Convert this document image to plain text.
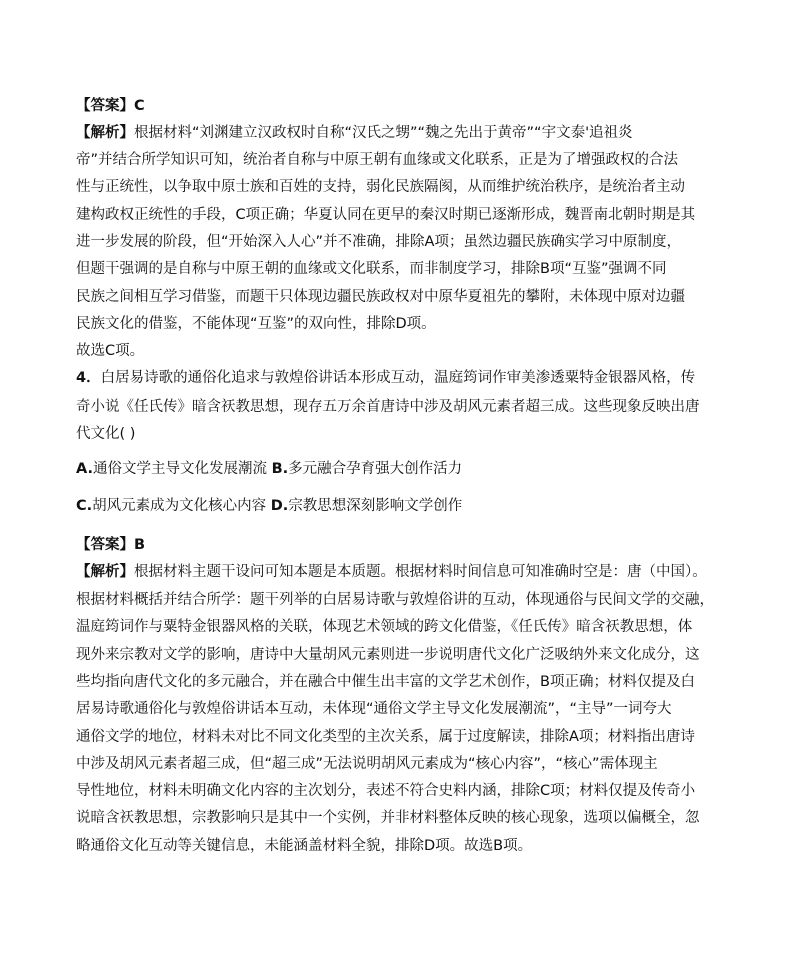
【答案】C
【解析】根据材料“刘渊建立汉政权时自称“汉氏之甥”“魏之先出于黄帝”“宇文泰'追祖炎
帝”并结合所学知识可知，统治者自称与中原王朝有血缘或文化联系，正是为了增强政权的合法
性与正统性，以争取中原士族和百姓的支持，弱化民族隔阂，从而维护统治秩序，是统治者主动
建构政权正统性的手段，C项正确；华夏认同在更早的秦汉时期已逐渐形成，魏晋南北朝时期是其
进一步发展的阶段，但“开始深入人心”并不准确，排除A项；虽然边疆民族确实学习中原制度，
但题干强调的是自称与中原王朝的血缘或文化联系，而非制度学习，排除B项“互鉴”强调不同
民族之间相互学习借鉴，而题干只体现边疆民族政权对中原华夏祖先的攀附，未体现中原对边疆
民族文化的借鉴，不能体现“互鉴”的双向性，排除D项。
故选C项。
4．白居易诗歌的通俗化追求与敦煌俗讲话本形成互动，温庭筠词作审美渗透粟特金银器风格，传
奇小说《任氏传》暗含祆教思想，现存五万余首唐诗中涉及胡风元素者超三成。这些现象反映出唐
代文化( )
A.通俗文学主导文化发展潮流 B.多元融合孕育强大创作活力
C.胡风元素成为文化核心内容 D.宗教思想深刻影响文学创作
【答案】B
【解析】根据材料主题干设问可知本题是本质题。根据材料时间信息可知准确时空是：唐（中国）。
根据材料概括并结合所学：题干列举的白居易诗歌与敦煌俗讲的互动，体现通俗与民间文学的交融，
温庭筠词作与粟特金银器风格的关联，体现艺术领域的跨文化借鉴，《任氏传》暗含祆教思想，体
现外来宗教对文学的影响，唐诗中大量胡风元素则进一步说明唐代文化广泛吸纳外来文化成分，这
些均指向唐代文化的多元融合，并在融合中催生出丰富的文学艺术创作，B项正确；材料仅提及白
居易诗歌通俗化与敦煌俗讲话本互动，未体现“通俗文学主导文化发展潮流”，“主导”一词夸大
通俗文学的地位，材料未对比不同文化类型的主次关系，属于过度解读，排除A项；材料指出唐诗
中涉及胡风元素者超三成，但“超三成”无法说明胡风元素成为“核心内容”，“核心”需体现主
导性地位，材料未明确文化内容的主次划分，表述不符合史料内涵，排除C项；材料仅提及传奇小
说暗含祆教思想，宗教影响只是其中一个实例，并非材料整体反映的核心现象，选项以偏概全，忽
略通俗文化互动等关键信息，未能涵盖材料全貌，排除D项。故选B项。
